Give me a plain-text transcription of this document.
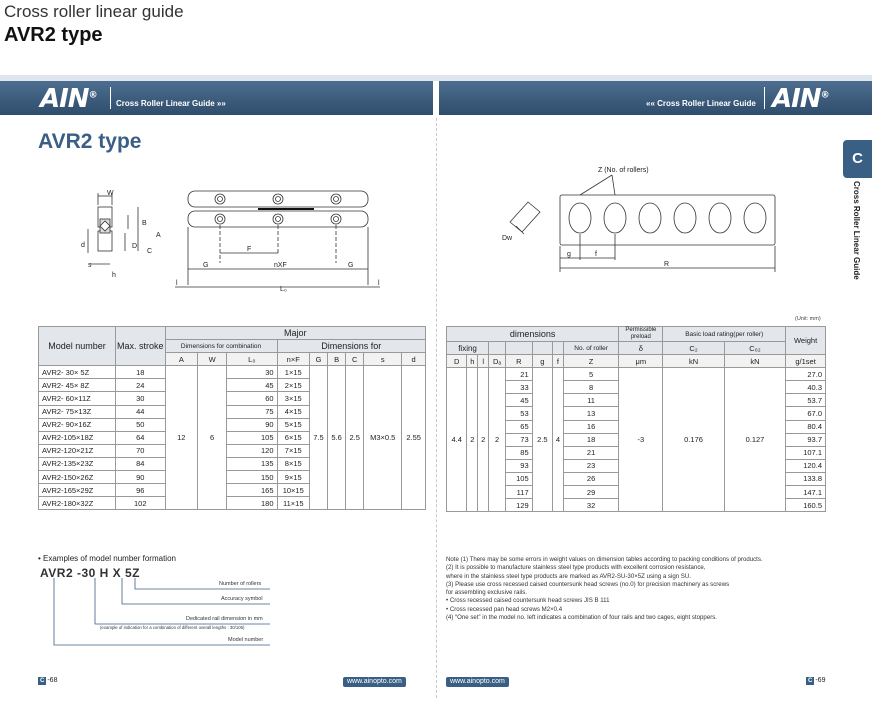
Cross roller linear guide
AVR2 type
AIN®
Cross Roller Linear Guide »»	«« Cross Roller Linear Guide AIN®
AVR2 type
C
Cross Roller Linear Guide
W
B
A
D
C
d
s
h
F
G	nXF	G
L₀
l	l
Z (No. of rollers)
Dw
g	f
R
(Unit: mm)
Model number	Max. stroke	Major								
		Dimensions for combination			Dimensions for					
		A	W	L₀	n×F	G	B	C	s	d
AVR2- 30× 5Z	18	12	6	30	1×15	7.5	5.6	2.5	M3×0.5	2.55
AVR2- 45× 8Z	24			45	2×15					
AVR2- 60×11Z	30			60	3×15					
AVR2- 75×13Z	44			75	4×15					
AVR2- 90×16Z	50			90	5×15					
AVR2-105×18Z	64			105	6×15					
AVR2-120×21Z	70			120	7×15					
AVR2-135×23Z	84			135	8×15					
AVR2-150×26Z	90			150	9×15					
AVR2-165×29Z	96			165	10×15					
AVR2-180×32Z	102			180	11×15					
dimensions								Permissible preload	Basic load rating(per roller)		Weight
fixing							No. of roller	δ	C₂	C₀₂	
D	h	l	Dₐ	R	g	f	Z	μm	kN	kN	g/1set
4.4	2	2	2	21	2.5	4	5	-3	0.176	0.127	27.0
				33			8				40.3
				45			11				53.7
				53			13				67.0
				65			16				80.4
				73			18				93.7
				85			21				107.1
				93			23				120.4
				105			26				133.8
				117			29				147.1
				129			32				160.5
• Examples of model number formation
AVR2 -30 H X 5Z
Number of rollers
Accuracy symbol
Dedicated rail dimension in mm
(example of indication for a combination of different overall lengths : 30/105)
Model number
Note (1) There may be some errors in weight values on dimension tables according to packing conditions of products.
(2) It is possible to manufacture stainless steel type products with excellent corrosion resistance,
where in the stainless steel type products are marked as AVR2-SU-30×5Z using a sign SU.
(3) Please use cross recessed caised countersunk head screws (no.0) for precision machinery as screws
for assembling exclusive rails.
• Cross recessed caised countersunk head screws JIS B 111
• Cross recessed pan head screws M2×0.4
(4) “One set” in the model no. left indicates a combination of four rails and two cages, eight stoppers.
C -68	www.ainopto.com	www.ainopto.com	C -69
